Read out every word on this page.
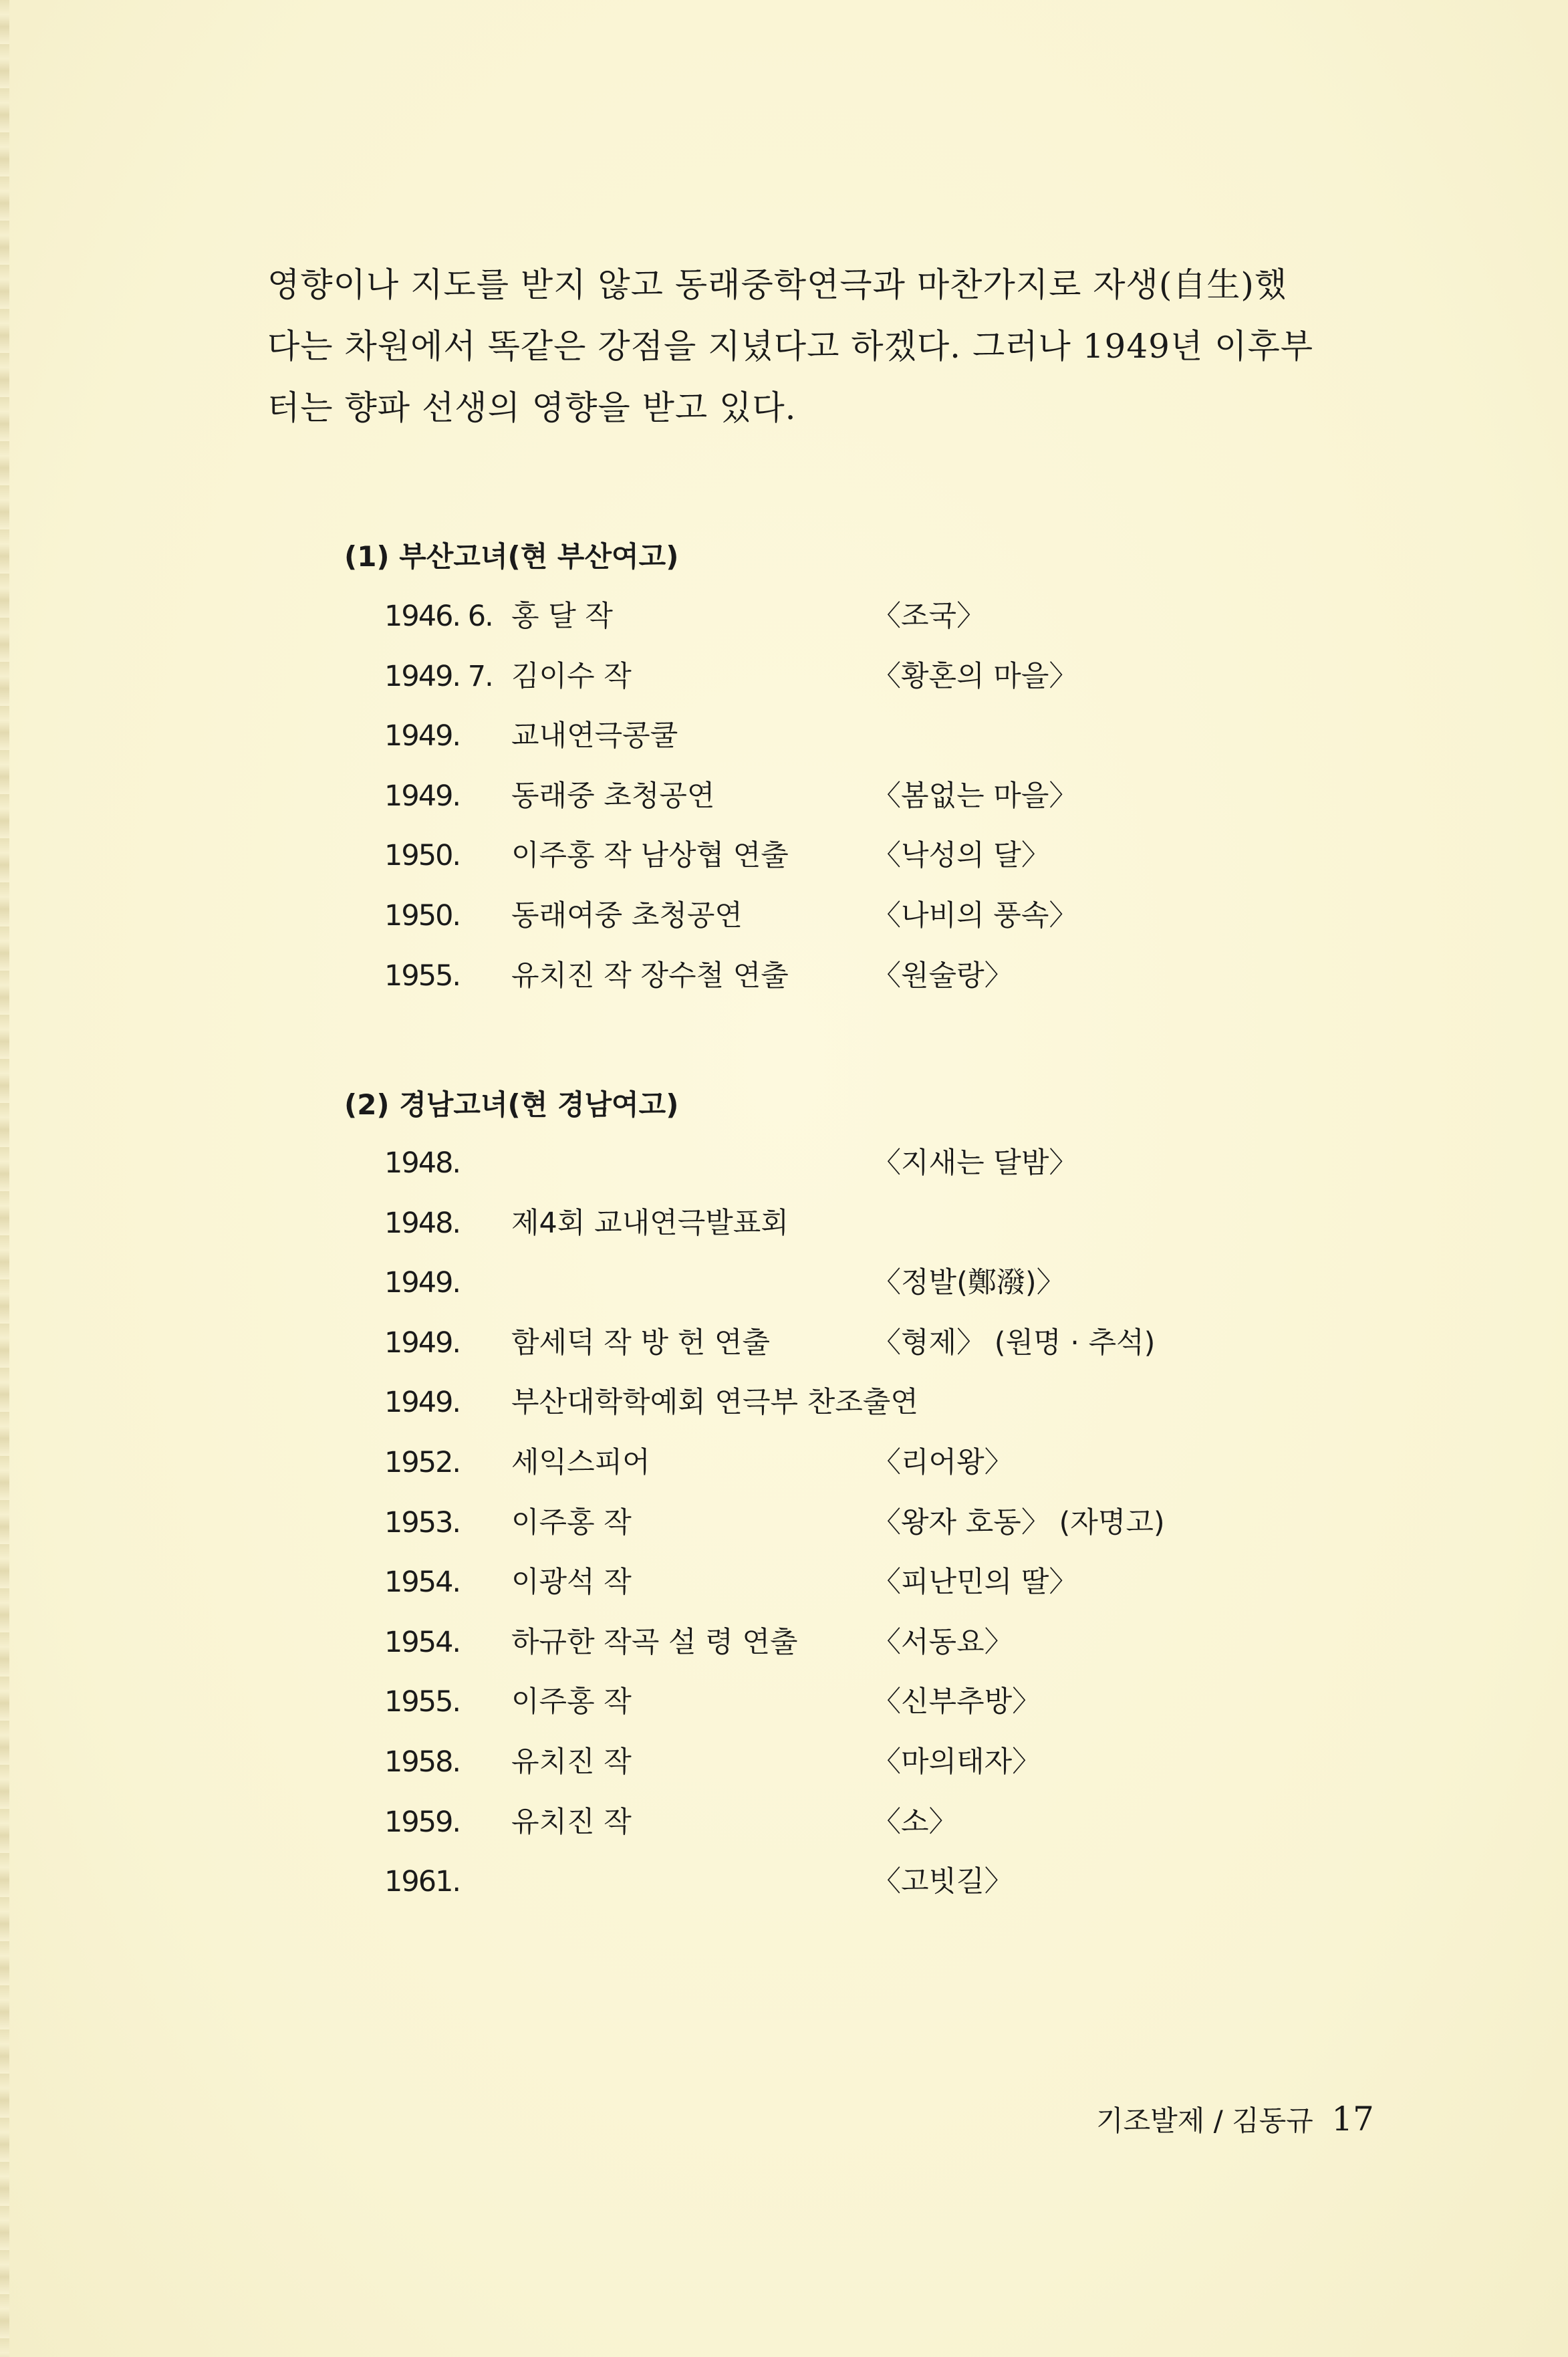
영향이나 지도를 받지 않고 동래중학연극과 마찬가지로 자생(自生)했
다는 차원에서 똑같은 강점을 지녔다고 하겠다. 그러나 1949년 이후부
터는 향파 선생의 영향을 받고 있다.

(1) 부산고녀(현 부산여고)
1946. 6. 홍 달 작	〈조국〉
1949. 7. 김이수 작	〈황혼의 마을〉
1949. 교내연극콩쿨
1949. 동래중 초청공연	〈봄없는 마을〉
1950. 이주홍 작 남상협 연출	〈낙성의 달〉
1950. 동래여중 초청공연	〈나비의 풍속〉
1955. 유치진 작 장수철 연출	〈원술랑〉
(2) 경남고녀(현 경남여고)
1948.	〈지새는 달밤〉
1948. 제4회 교내연극발표회
1949.	〈정발(鄭潑)〉
1949. 함세덕 작 방 헌 연출	〈형제〉 (원명 · 추석)
1949. 부산대학학예회 연극부 찬조출연
1952. 세익스피어	〈리어왕〉
1953. 이주홍 작	〈왕자 호동〉 (자명고)
1954. 이광석 작	〈피난민의 딸〉
1954. 하규한 작곡 설 령 연출	〈서동요〉
1955. 이주홍 작	〈신부추방〉
1958. 유치진 작	〈마의태자〉
1959. 유치진 작	〈소〉
1961.	〈고빗길〉
기조발제 / 김동규 17
